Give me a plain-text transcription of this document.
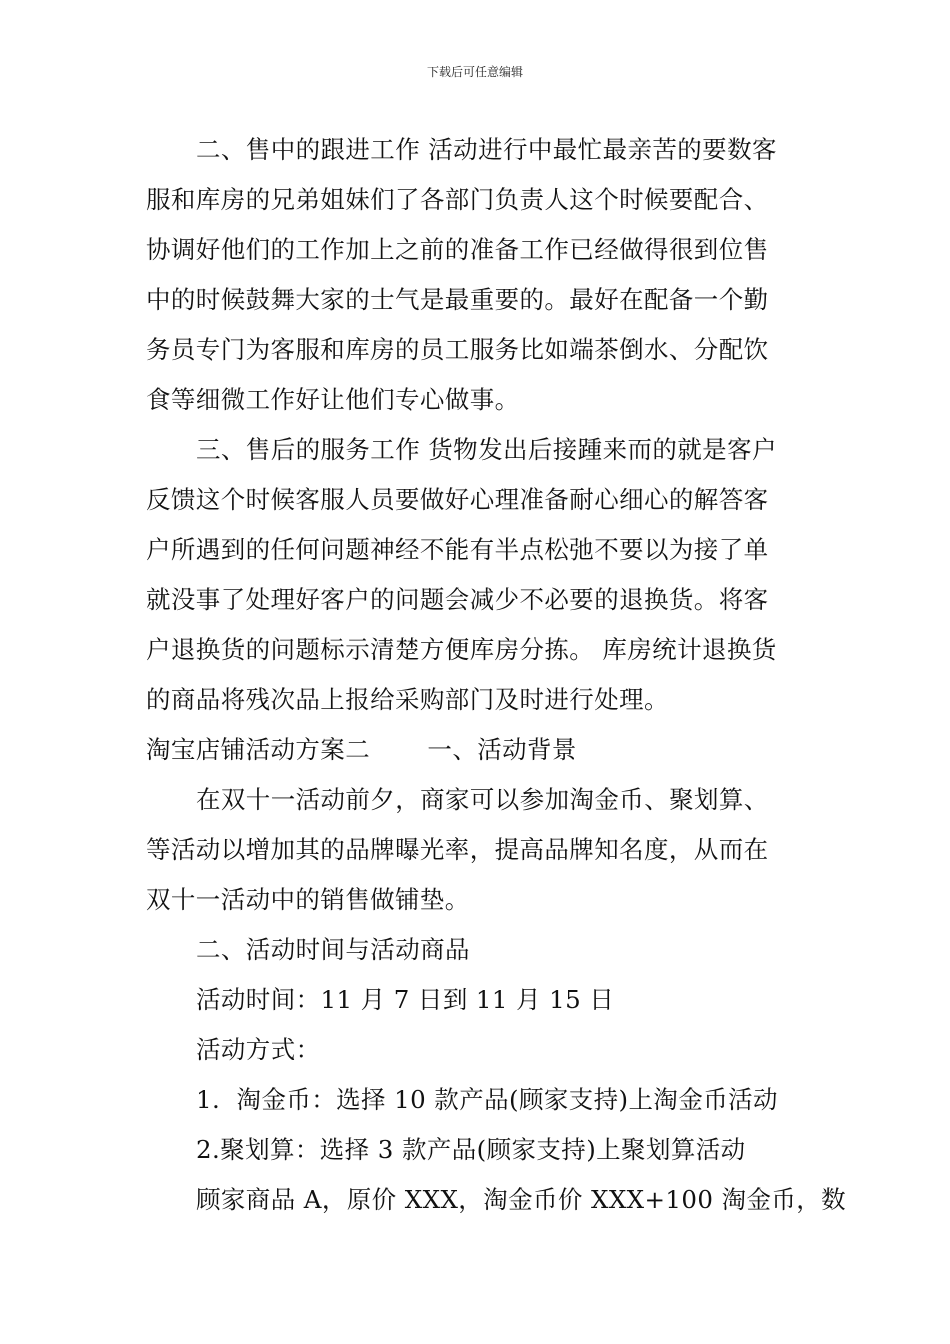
下载后可任意编辑

二、售中的跟进工作 活动进行中最忙最亲苦的要数客

服和库房的兄弟姐妹们了各部门负责人这个时候要配合、

协调好他们的工作加上之前的准备工作已经做得很到位售

中的时候鼓舞大家的士气是最重要的。最好在配备一个勤

务员专门为客服和库房的员工服务比如端茶倒水、分配饮

食等细微工作好让他们专心做事。

三、售后的服务工作 货物发出后接踵来而的就是客户

反馈这个时候客服人员要做好心理准备耐心细心的解答客

户所遇到的任何问题神经不能有半点松弛不要以为接了单

就没事了处理好客户的问题会减少不必要的退换货。将客

户退换货的问题标示清楚方便库房分拣。 库房统计退换货

的商品将残次品上报给采购部门及时进行处理。

淘宝店铺活动方案二       一、活动背景

在双十一活动前夕，商家可以参加淘金币、聚划算、

等活动以增加其的品牌曝光率，提高品牌知名度，从而在

双十一活动中的销售做铺垫。

二、活动时间与活动商品

活动时间：11 月 7 日到 11 月 15 日

活动方式：

1.  淘金币：选择 10 款产品(顾家支持)上淘金币活动

2.聚划算：选择 3 款产品(顾家支持)上聚划算活动

顾家商品 A，原价 XXX，淘金币价 XXX+100 淘金币，数
